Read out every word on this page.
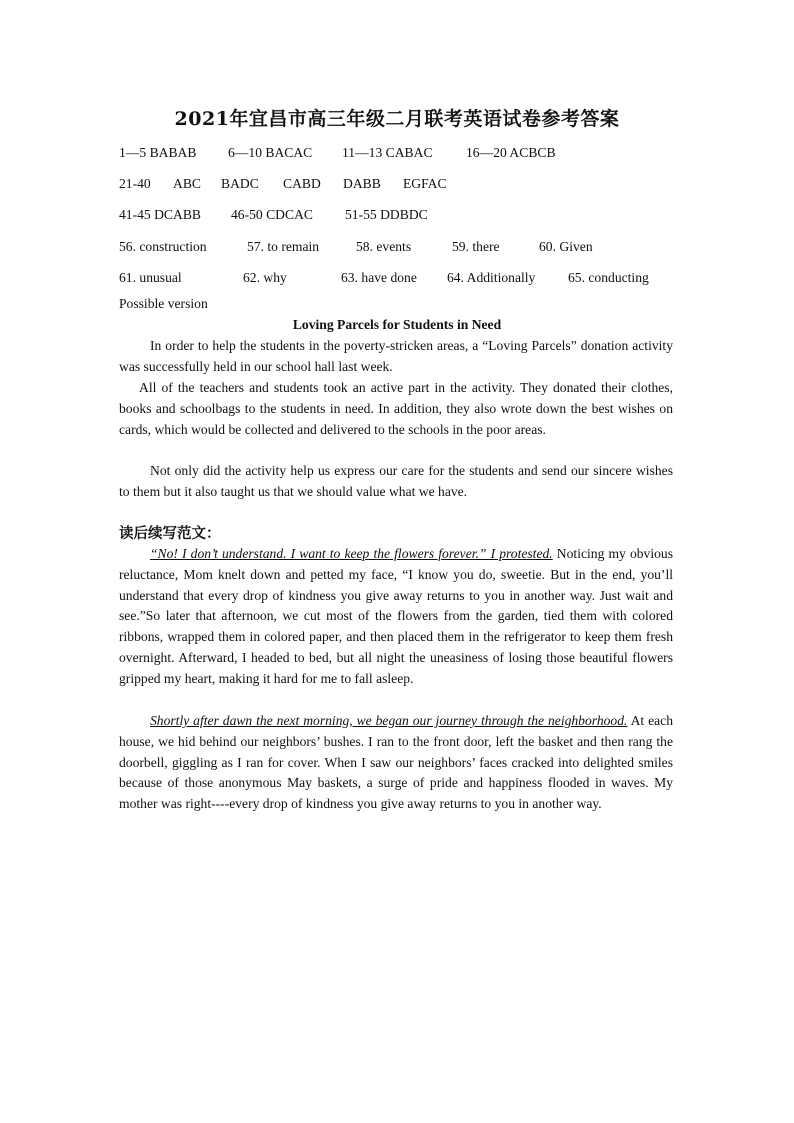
2021年宜昌市高三年级二月联考英语试卷参考答案
1—5 BABAB 6—10 BACAC 11—13 CABAC 16—20 ACBCB
21-40 ABC BADC CABD DABB EGFAC
41-45 DCABB 46-50 CDCAC 51-55 DDBDC
56. construction	57. to remain	58. events	59. there	60. Given
61. unusual	62. why	63. have done 64. Additionally 65. conducting
Possible version
Loving Parcels for Students in Need
In order to help the students in the poverty-stricken areas, a “Loving Parcels” donation activity was successfully held in our school hall last week.
All of the teachers and students took an active part in the activity. They donated their clothes, books and schoolbags to the students in need. In addition, they also wrote down the best wishes on cards, which would be collected and delivered to the schools in the poor areas.
Not only did the activity help us express our care for the students and send our sincere wishes to them but it also taught us that we should value what we have.
读后续写范文：
“No! I don’t understand. I want to keep the flowers forever.” I protested. Noticing my obvious reluctance, Mom knelt down and petted my face, “I know you do, sweetie. But in the end, you’ll understand that every drop of kindness you give away returns to you in another way. Just wait and see.”So later that afternoon, we cut most of the flowers from the garden, tied them with colored ribbons, wrapped them in colored paper, and then placed them in the refrigerator to keep them fresh overnight. Afterward, I headed to bed, but all night the uneasiness of losing those beautiful flowers gripped my heart, making it hard for me to fall asleep.
Shortly after dawn the next morning, we began our journey through the neighborhood. At each house, we hid behind our neighbors’ bushes. I ran to the front door, left the basket and then rang the doorbell, giggling as I ran for cover. When I saw our neighbors’ faces cracked into delighted smiles because of those anonymous May baskets, a surge of pride and happiness flooded in waves. My mother was right----every drop of kindness you give away returns to you in another way.
